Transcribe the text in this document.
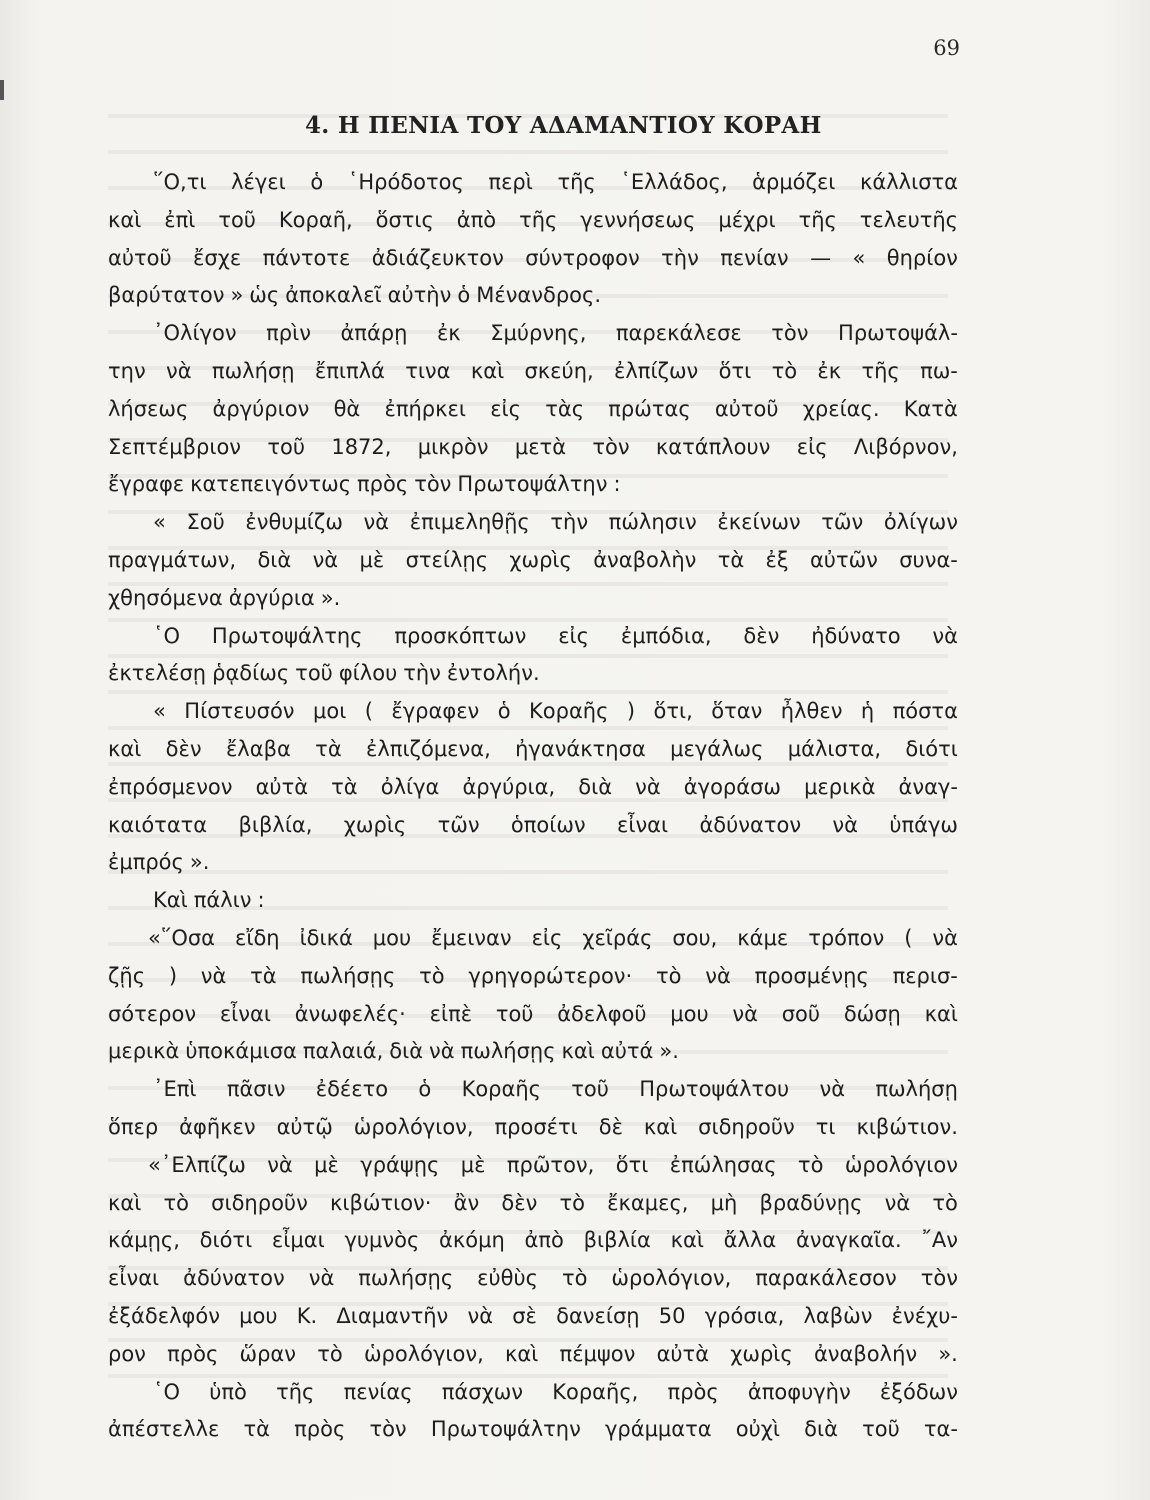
69
4. Η ΠΕΝΙΑ ΤΟΥ ΑΔΑΜΑΝΤΙΟΥ ΚΟΡΑΗ
῞Ο,τι λέγει ὁ ῾Ηρόδοτος περὶ τῆς ῾Ελλάδος, ἁρμόζει κάλλιστα
καὶ ἐπὶ τοῦ Κοραῆ, ὅστις ἀπὸ τῆς γεννήσεως μέχρι τῆς τελευτῆς
αὐτοῦ ἔσχε πάντοτε ἀδιάζευκτον σύντροφον τὴν πενίαν — « θηρίον
βαρύτατον » ὡς ἀποκαλεῖ αὐτὴν ὁ Μένανδρος.
᾿Ολίγον πρὶν ἀπάρῃ ἐκ Σμύρνης, παρεκάλεσε τὸν Πρωτοψάλ-
την νὰ πωλήσῃ ἔπιπλά τινα καὶ σκεύη, ἐλπίζων ὅτι τὸ ἐκ τῆς πω-
λήσεως ἀργύριον θὰ ἐπήρκει εἰς τὰς πρώτας αὐτοῦ χρείας. Κατὰ
Σεπτέμβριον τοῦ 1872, μικρὸν μετὰ τὸν κατάπλουν εἰς Λιβόρνον,
ἔγραφε κατεπειγόντως πρὸς τὸν Πρωτοψάλτην :
« Σοῦ ἐνθυμίζω νὰ ἐπιμεληθῇς τὴν πώλησιν ἐκείνων τῶν ὀλίγων
πραγμάτων, διὰ νὰ μὲ στείλῃς χωρὶς ἀναβολὴν τὰ ἐξ αὐτῶν συνα-
χθησόμενα ἀργύρια ».
῾Ο Πρωτοψάλτης προσκόπτων εἰς ἐμπόδια, δὲν ἠδύνατο νὰ
ἐκτελέσῃ ῥᾳδίως τοῦ φίλου τὴν ἐντολήν.
« Πίστευσόν μοι ( ἔγραφεν ὁ Κοραῆς ) ὅτι, ὅταν ἦλθεν ἡ πόστα
καὶ δὲν ἔλαβα τὰ ἐλπιζόμενα, ἠγανάκτησα μεγάλως μάλιστα, διότι
ἐπρόσμενον αὐτὰ τὰ ὀλίγα ἀργύρια, διὰ νὰ ἀγοράσω μερικὰ ἀναγ-
καιότατα βιβλία, χωρὶς τῶν ὁποίων εἶναι ἀδύνατον νὰ ὑπάγω
ἐμπρός ».
Καὶ πάλιν :
«῞Οσα εἴδη ἰδικά μου ἔμειναν εἰς χεῖράς σου, κάμε τρόπον ( νὰ
ζῇς ) νὰ τὰ πωλήσῃς τὸ γρηγορώτερον· τὸ νὰ προσμένῃς περισ-
σότερον εἶναι ἀνωφελές· εἰπὲ τοῦ ἀδελφοῦ μου νὰ σοῦ δώσῃ καὶ
μερικὰ ὑποκάμισα παλαιά, διὰ νὰ πωλήσῃς καὶ αὐτά ».
᾿Επὶ πᾶσιν ἐδέετο ὁ Κοραῆς τοῦ Πρωτοψάλτου νὰ πωλήσῃ
ὅπερ ἀφῆκεν αὐτῷ ὡρολόγιον, προσέτι δὲ καὶ σιδηροῦν τι κιβώτιον.
«᾿Ελπίζω νὰ μὲ γράψῃς μὲ πρῶτον, ὅτι ἐπώλησας τὸ ὡρολόγιον
καὶ τὸ σιδηροῦν κιβώτιον· ἂν δὲν τὸ ἔκαμες, μὴ βραδύνῃς νὰ τὸ
κάμῃς, διότι εἶμαι γυμνὸς ἀκόμη ἀπὸ βιβλία καὶ ἄλλα ἀναγκαῖα. ῎Αν
εἶναι ἀδύνατον νὰ πωλήσῃς εὐθὺς τὸ ὡρολόγιον, παρακάλεσον τὸν
ἐξάδελφόν μου Κ. Διαμαντῆν νὰ σὲ δανείσῃ 50 γρόσια, λαβὼν ἐνέχυ-
ρον πρὸς ὥραν τὸ ὡρολόγιον, καὶ πέμψον αὐτὰ χωρὶς ἀναβολήν ».
῾Ο ὑπὸ τῆς πενίας πάσχων Κοραῆς, πρὸς ἀποφυγὴν ἐξόδων
ἀπέστελλε τὰ πρὸς τὸν Πρωτοψάλτην γράμματα οὐχὶ διὰ τοῦ τα-
